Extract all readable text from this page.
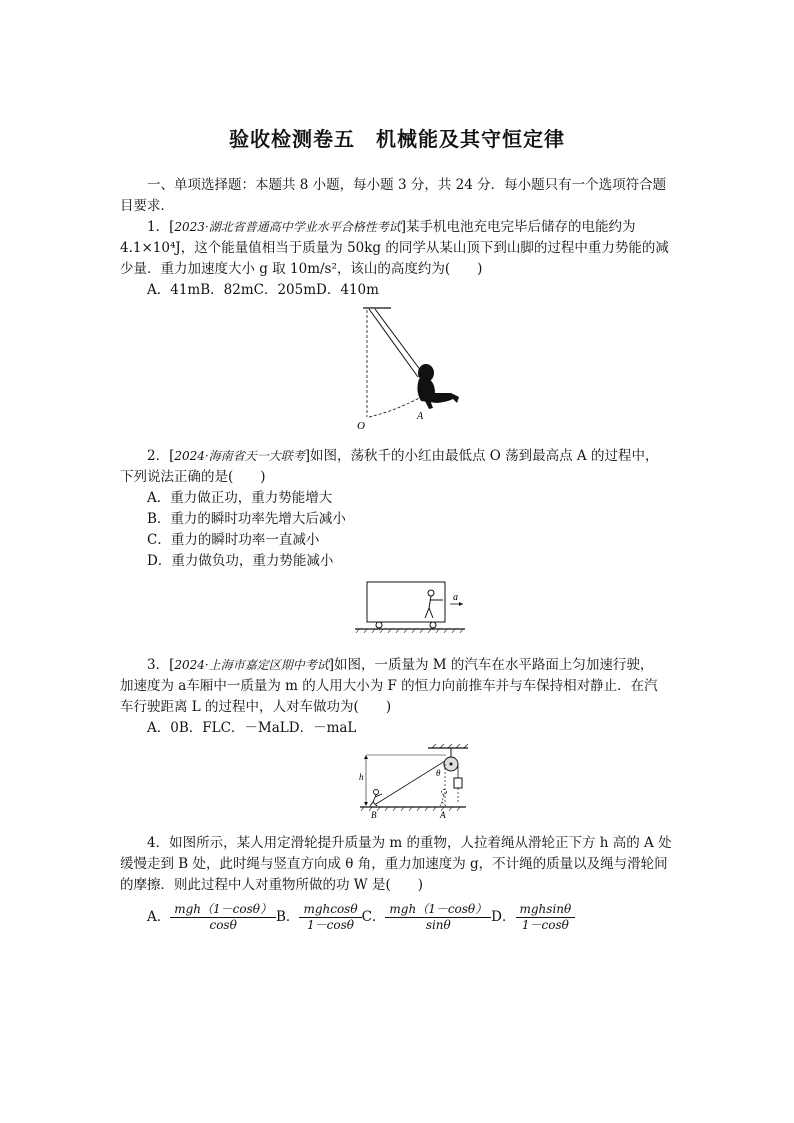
验收检测卷五　机械能及其守恒定律
一、单项选择题：本题共 8 小题，每小题 3 分，共 24 分．每小题只有一个选项符合题
目要求．
1．[2023·湖北省普通高中学业水平合格性考试]某手机电池充电完毕后储存的电能约为
4.1×10⁴J，这个能量值相当于质量为 50kg 的同学从某山顶下到山脚的过程中重力势能的减
少量．重力加速度大小 g 取 10m/s²，该山的高度约为(　　)
A．41mB．82mC．205mD．410m
O
A
2．[2024·海南省天一大联考]如图，荡秋千的小红由最低点 O 荡到最高点 A 的过程中，
下列说法正确的是(　　)
A．重力做正功，重力势能增大
B．重力的瞬时功率先增大后减小
C．重力的瞬时功率一直减小
D．重力做负功，重力势能减小
a
3．[2024·上海市嘉定区期中考试]如图，一质量为 M 的汽车在水平路面上匀加速行驶，
加速度为 a车厢中一质量为 m 的人用大小为 F 的恒力向前推车并与车保持相对静止．在汽
车行驶距离 L 的过程中，人对车做功为(　　)
A．0B．FLC．－MaLD．－maL
h	θ
B	A
4．如图所示，某人用定滑轮提升质量为 m 的重物，人拉着绳从滑轮正下方 h 高的 A 处
缓慢走到 B 处，此时绳与竖直方向成 θ 角，重力加速度为 g，不计绳的质量以及绳与滑轮间
的摩擦．则此过程中人对重物所做的功 W 是(　　)
A． $\frac{\text{mgh（1－cosθ）}}{\cos\theta}$ B． $\frac{\text{mghcosθ}}{1-\cos\theta}$ C． $\frac{\text{mgh（1－cosθ）}}{\sin\theta}$ D． $\frac{\text{mghsinθ}}{1-\cos\theta}$
